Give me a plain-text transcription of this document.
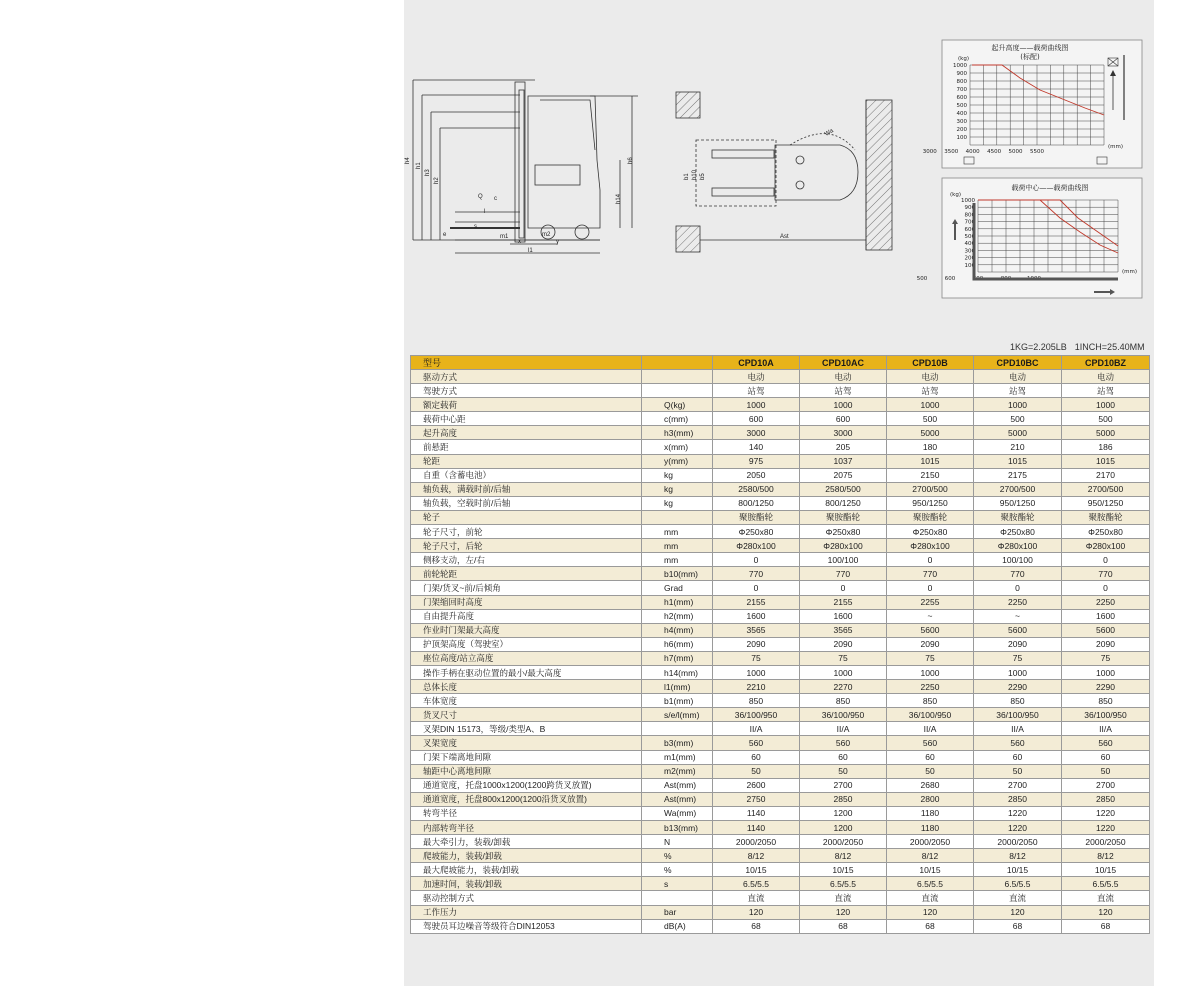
h4
h1
h3
h2
h6
h14
Q c
l
s
m1	m2
x	y
e
l1
b1 b10 b5
Wa
Ast
起升高度——载荷曲线图
(标配)
(kg)
(mm)
1000
900
800
700
600
500
400
300
200
100
3000 3500 4000 4500 5000 5500
载荷中心——载荷曲线图
(kg)
(mm)
1000
900
800
700
600
500
400
300
200
100
500	600	700	800	1000
1KG=2.205LB 1INCH=25.40MM
型号		CPD10A	CPD10AC	CPD10B	CPD10BC	CPD10BZ
驱动方式		电动	电动	电动	电动	电动
驾驶方式		站驾	站驾	站驾	站驾	站驾
额定载荷	Q(kg)	1000	1000	1000	1000	1000
载荷中心距	c(mm)	600	600	500	500	500
起升高度	h3(mm)	3000	3000	5000	5000	5000
前悬距	x(mm)	140	205	180	210	186
轮距	y(mm)	975	1037	1015	1015	1015
自重（含蓄电池）	kg	2050	2075	2150	2175	2170
轴负载，满载时前/后轴	kg	2580/500	2580/500	2700/500	2700/500	2700/500
轴负载，空载时前/后轴	kg	800/1250	800/1250	950/1250	950/1250	950/1250
轮子		聚胺酯轮	聚胺酯轮	聚胺酯轮	聚胺酯轮	聚胺酯轮
轮子尺寸，前轮	mm	Φ250x80	Φ250x80	Φ250x80	Φ250x80	Φ250x80
轮子尺寸，后轮	mm	Φ280x100	Φ280x100	Φ280x100	Φ280x100	Φ280x100
侧移支动，左/右	mm	0	100/100	0	100/100	0
前轮轮距	b10(mm)	770	770	770	770	770
门架/货叉~前/后倾角	Grad	0	0	0	0	0
门架缩回时高度	h1(mm)	2155	2155	2255	2250	2250
自由提升高度	h2(mm)	1600	1600	~	~	1600
作业时门架最大高度	h4(mm)	3565	3565	5600	5600	5600
护顶架高度（驾驶室）	h6(mm)	2090	2090	2090	2090	2090
座位高度/站立高度	h7(mm)	75	75	75	75	75
操作手柄在驱动位置的最小/最大高度	h14(mm)	1000	1000	1000	1000	1000
总体长度	l1(mm)	2210	2270	2250	2290	2290
车体宽度	b1(mm)	850	850	850	850	850
货叉尺寸	s/e/l(mm)	36/100/950	36/100/950	36/100/950	36/100/950	36/100/950
叉架DIN 15173，等级/类型A、B		II/A	II/A	II/A	II/A	II/A
叉架宽度	b3(mm)	560	560	560	560	560
门架下端离地间隙	m1(mm)	60	60	60	60	60
轴距中心离地间隙	m2(mm)	50	50	50	50	50
通道宽度，托盘1000x1200(1200跨货叉放置)	Ast(mm)	2600	2700	2680	2700	2700
通道宽度，托盘800x1200(1200沿货叉放置)	Ast(mm)	2750	2850	2800	2850	2850
转弯半径	Wa(mm)	1140	1200	1180	1220	1220
内部转弯半径	b13(mm)	1140	1200	1180	1220	1220
最大牵引力，装载/卸载	N	2000/2050	2000/2050	2000/2050	2000/2050	2000/2050
爬坡能力，装载/卸载	%	8/12	8/12	8/12	8/12	8/12
最大爬坡能力，装载/卸载	%	10/15	10/15	10/15	10/15	10/15
加速时间，装载/卸载	s	6.5/5.5	6.5/5.5	6.5/5.5	6.5/5.5	6.5/5.5
驱动控制方式		直流	直流	直流	直流	直流
工作压力	bar	120	120	120	120	120
驾驶员耳边噪音等级符合DIN12053	dB(A)	68	68	68	68	68
